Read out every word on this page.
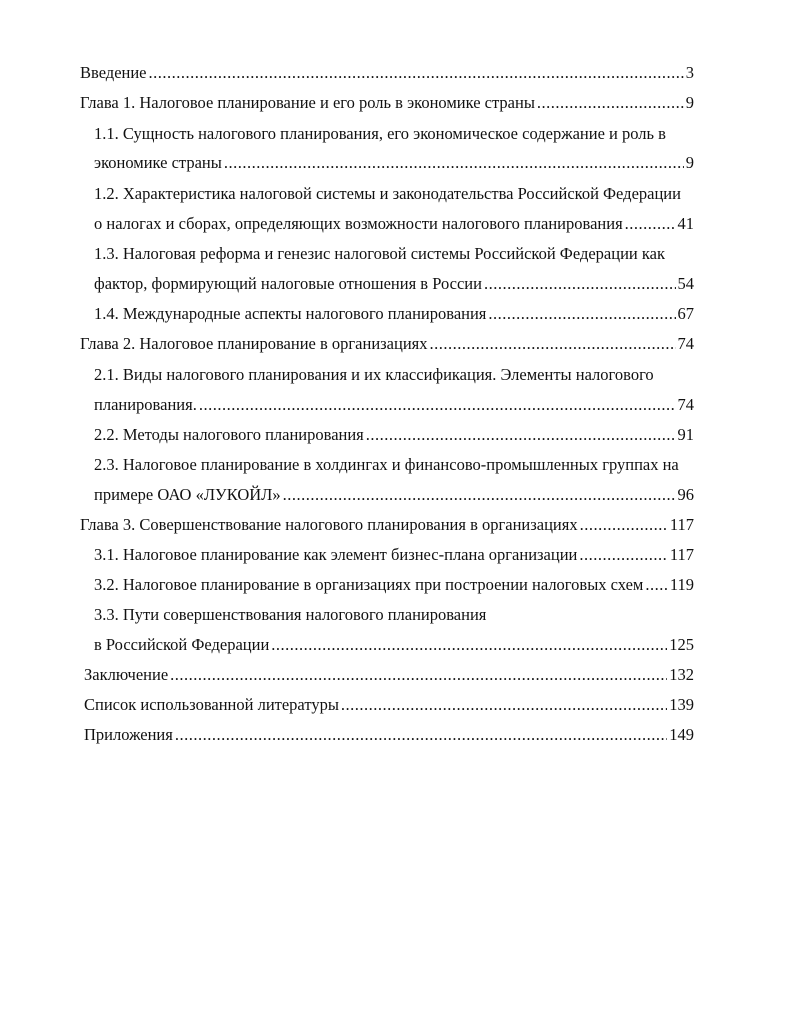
Введение .....	3
Глава 1. Налоговое планирование и его роль в экономике страны .....	9
1.1. Сущность налогового планирования, его экономическое содержание и роль в
экономике страны .....	9
1.2. Характеристика налоговой системы и законодательства Российской Федерации
о налогах и сборах, определяющих возможности налогового планирования .....	41
1.3. Налоговая реформа и генезис налоговой системы Российской Федерации как
фактор, формирующий налоговые отношения в России .....	54
1.4. Международные аспекты налогового планирования .....	67
Глава 2. Налоговое планирование в организациях .....	74
2.1. Виды налогового планирования и их классификация. Элементы налогового
планирования. .....	74
2.2. Методы налогового планирования .....	91
2.3. Налоговое планирование в холдингах и финансово-промышленных группах на
примере ОАО «ЛУКОЙЛ» .....	96
Глава 3. Совершенствование налогового планирования в организациях .....	117
3.1. Налоговое планирование как элемент бизнес-плана организации .....	117
3.2. Налоговое планирование в организациях при построении налоговых схем ..... 119
3.3. Пути совершенствования налогового планирования
в Российской Федерации .....	125
Заключение .....	132
Список использованной литературы .....	139
Приложения .....	149
